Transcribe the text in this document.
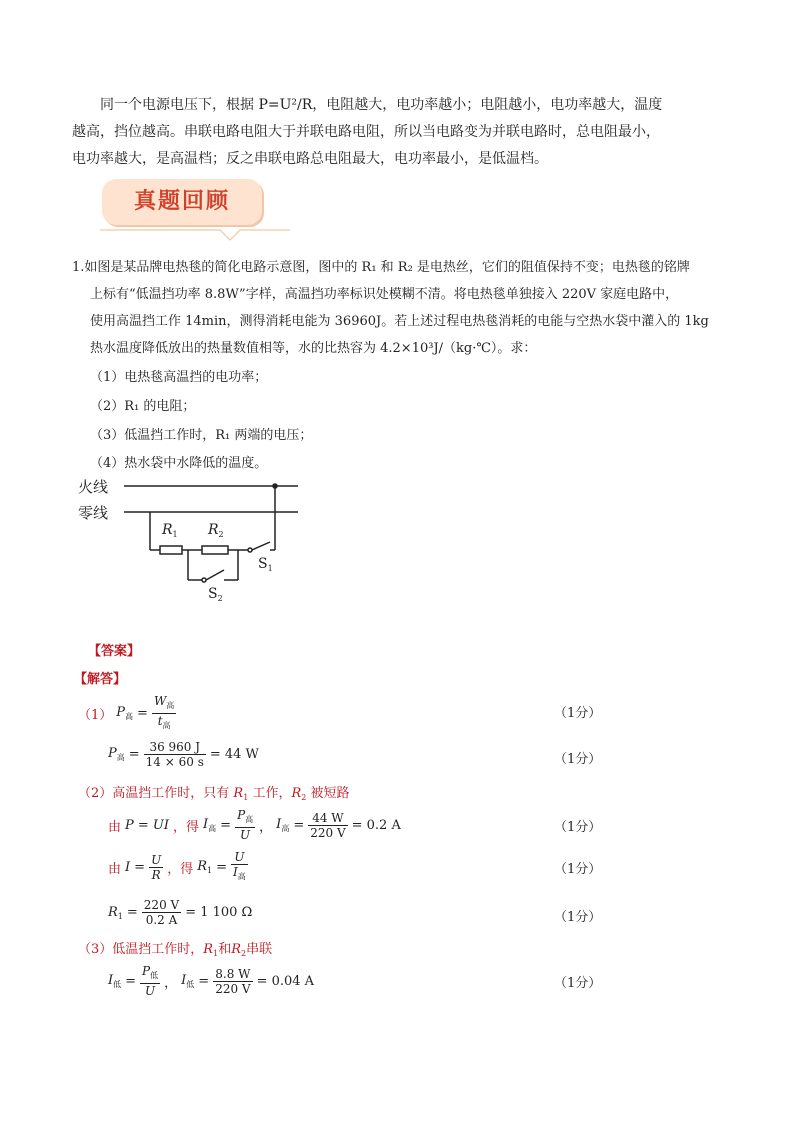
同一个电源电压下，根据 P=U²/R，电阻越大，电功率越小；电阻越小，电功率越大，温度
越高，挡位越高。串联电路电阻大于并联电路电阻，所以当电路变为并联电路时，总电阻最小，
电功率越大，是高温档；反之串联电路总电阻最大，电功率最小，是低温档。
真题回顾
1.如图是某品牌电热毯的简化电路示意图，图中的 R₁ 和 R₂ 是电热丝，它们的阻值保持不变；电热毯的铭牌
上标有“低温挡功率 8.8W”字样，高温挡功率标识处模糊不清。将电热毯单独接入 220V 家庭电路中，
使用高温挡工作 14min，测得消耗电能为 36960J。若上述过程电热毯消耗的电能与空热水袋中灌入的 1kg
热水温度降低放出的热量数值相等，水的比热容为 4.2×10³J/（kg·℃）。求：
（1）电热毯高温挡的电功率；
（2）R₁ 的电阻；
（3）低温挡工作时，R₁ 两端的电压；
（4）热水袋中水降低的温度。
火线
零线
$R_1$ $R_2$
$S_1$
$S_2$
【答案】
【解答】
（1） $P_高 = \frac{W_高}{t_高}$	（1分）
$P_高 = \frac{36 960 J}{14 \times 60 s} = 44$ W	（1分）
（2）高温挡工作时，只有 $R_1$ 工作，$R_2$ 被短路
由 P = UI ，得 $I_高 = \frac{P_高}{U}$ ， $I_高 = \frac{44 W}{220 V} = 0.2$ A	（1分）
由 $I = \frac{U}{R}$ ，得 $R_1 = \frac{U}{I_高}$	（1分）
$R_1 = \frac{220 V}{0.2 A} = 1$ 100 Ω	（1分）
（3）低温挡工作时，$R_1$和$R_2$串联
$I_低 = \frac{P_低}{U}$ ， $I_低 = \frac{8.8 W}{220 V} = 0.04$ A	（1分）
